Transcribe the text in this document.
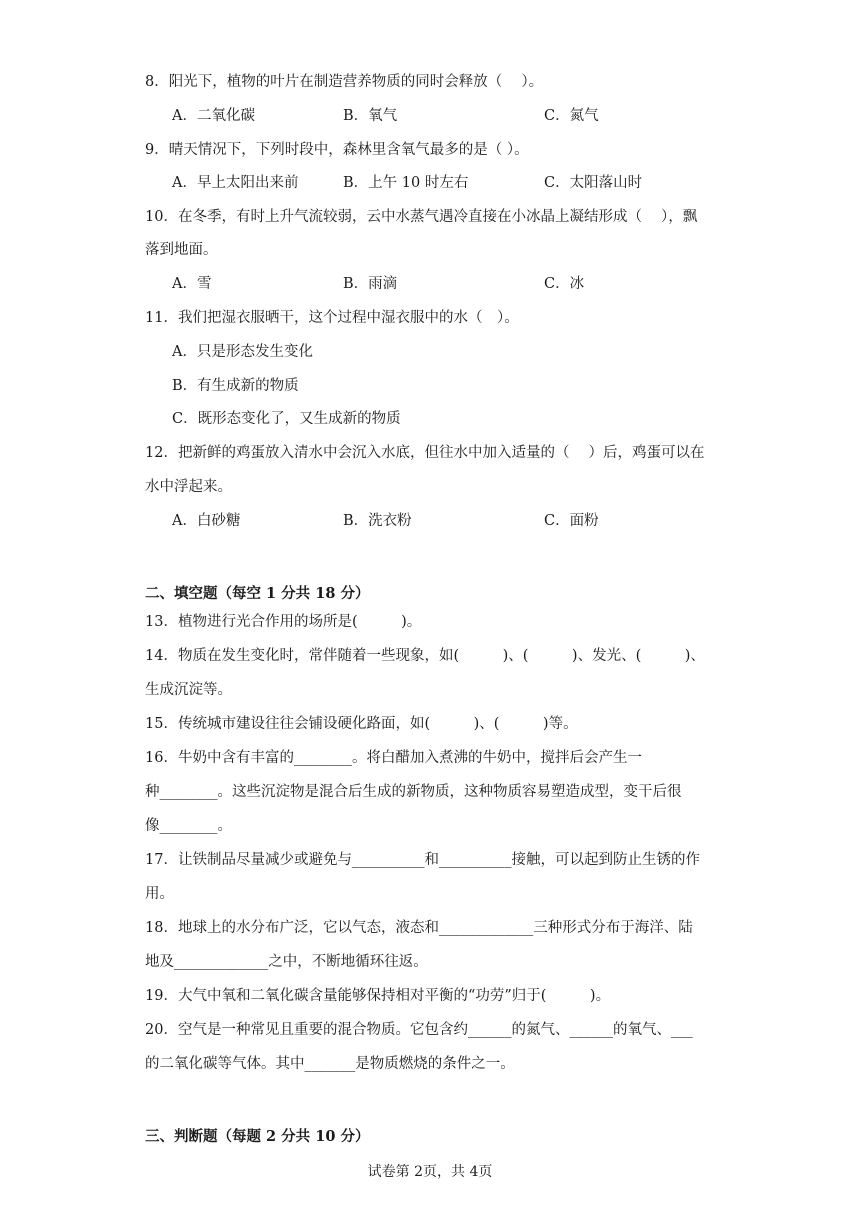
8．阳光下，植物的叶片在制造营养物质的同时会释放（　 ）。
A．二氧化碳	B．氧气	C．氮气
9．晴天情况下，下列时段中，森林里含氧气最多的是（ ）。
A．早上太阳出来前	B．上午 10 时左右	C．太阳落山时
10．在冬季，有时上升气流较弱，云中水蒸气遇冷直接在小冰晶上凝结形成（　 ），飘
落到地面。
A．雪	B．雨滴	C．冰
11．我们把湿衣服晒干，这个过程中湿衣服中的水（　）。
A．只是形态发生变化
B．有生成新的物质
C．既形态变化了，又生成新的物质
12．把新鲜的鸡蛋放入清水中会沉入水底，但往水中加入适量的（　 ）后，鸡蛋可以在
水中浮起来。
A．白砂糖	B．洗衣粉	C．面粉
二、填空题（每空 1 分共 18 分）
13．植物进行光合作用的场所是(　　　)。
14．物质在发生变化时，常伴随着一些现象，如(　　　)、(　　　)、发光、(　　　)、
生成沉淀等。
15．传统城市建设往往会铺设硬化路面，如(　　　)、(　　　)等。
16．牛奶中含有丰富的________。将白醋加入煮沸的牛奶中，搅拌后会产生一
种________。这些沉淀物是混合后生成的新物质，这种物质容易塑造成型，变干后很
像________。
17．让铁制品尽量减少或避免与__________和__________接触，可以起到防止生锈的作
用。
18．地球上的水分布广泛，它以气态，液态和_____________三种形式分布于海洋、陆
地及_____________之中，不断地循环往返。
19．大气中氧和二氧化碳含量能够保持相对平衡的“功劳”归于(　　　)。
20．空气是一种常见且重要的混合物质。它包含约______的氮气、______的氧气、___
的二氧化碳等气体。其中_______是物质燃烧的条件之一。
三、判断题（每题 2 分共 10 分）
试卷第 2页，共 4页
